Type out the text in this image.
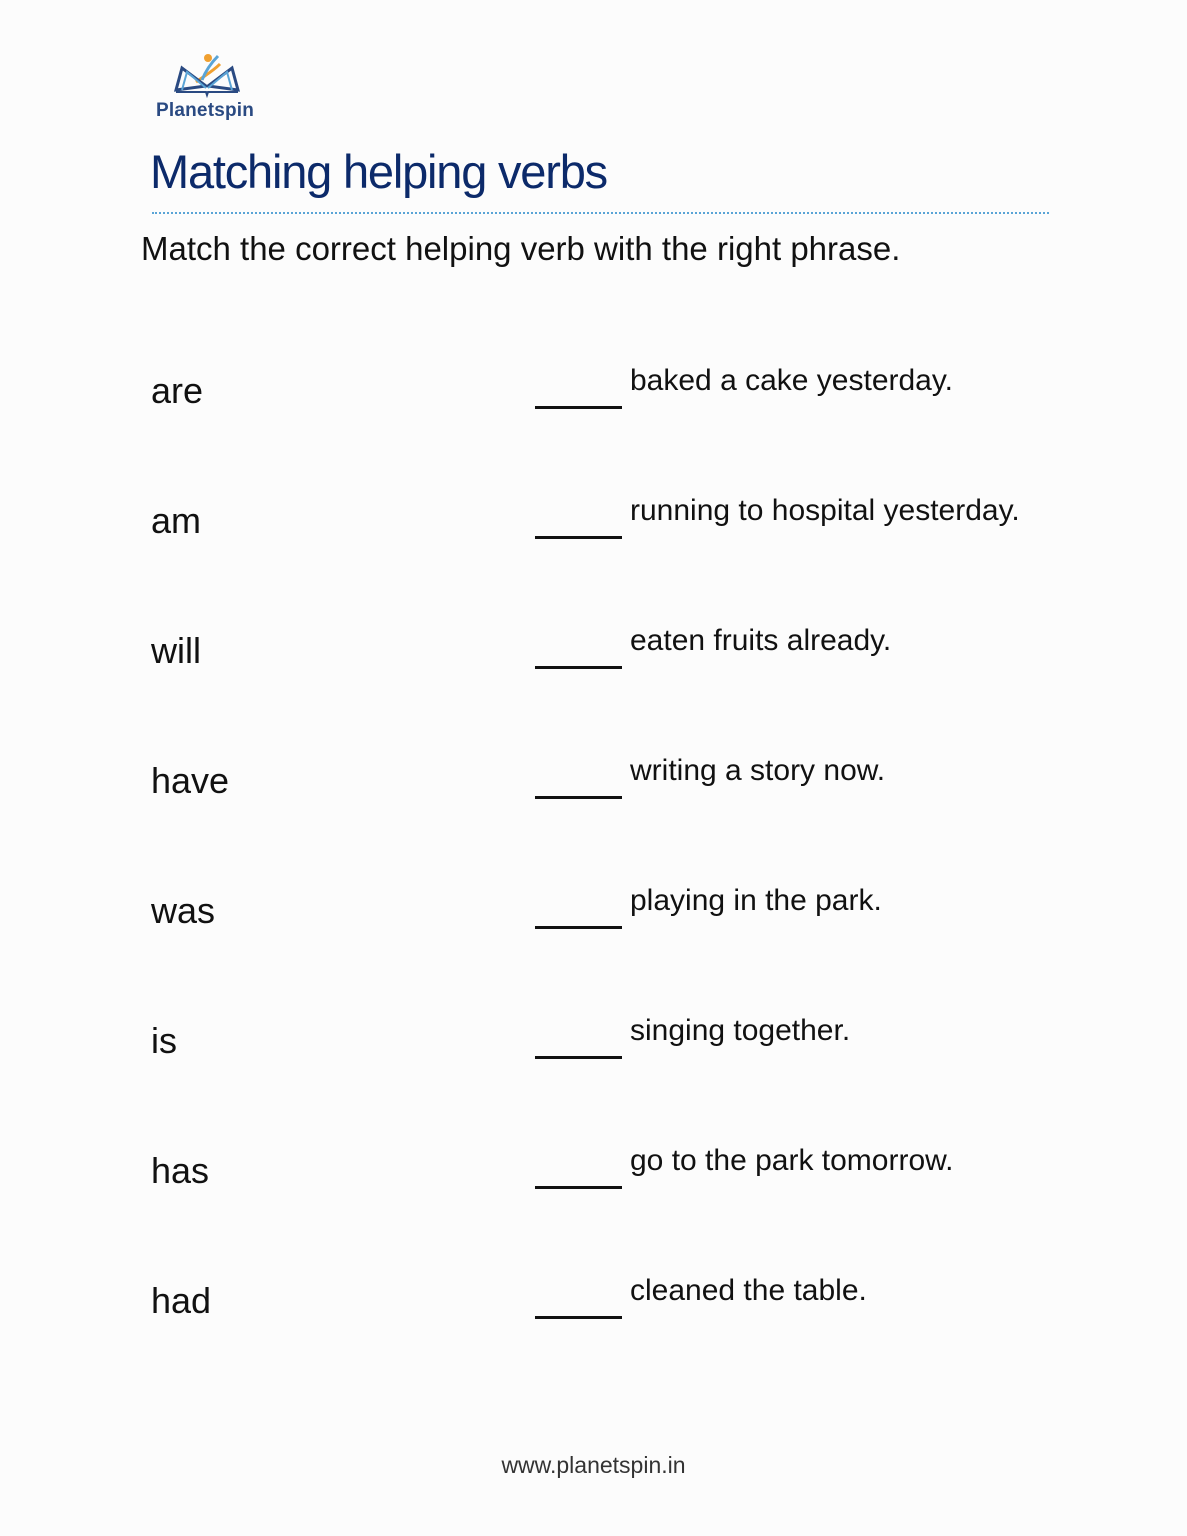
Planetspin
Matching helping verbs
Match the correct helping verb with the right phrase.
are	baked a cake yesterday.
am	running to hospital yesterday.
will	eaten fruits already.
have	writing a story now.
was	playing in the park.
is	singing together.
has	go to the park tomorrow.
had	cleaned the table.
www.planetspin.in
